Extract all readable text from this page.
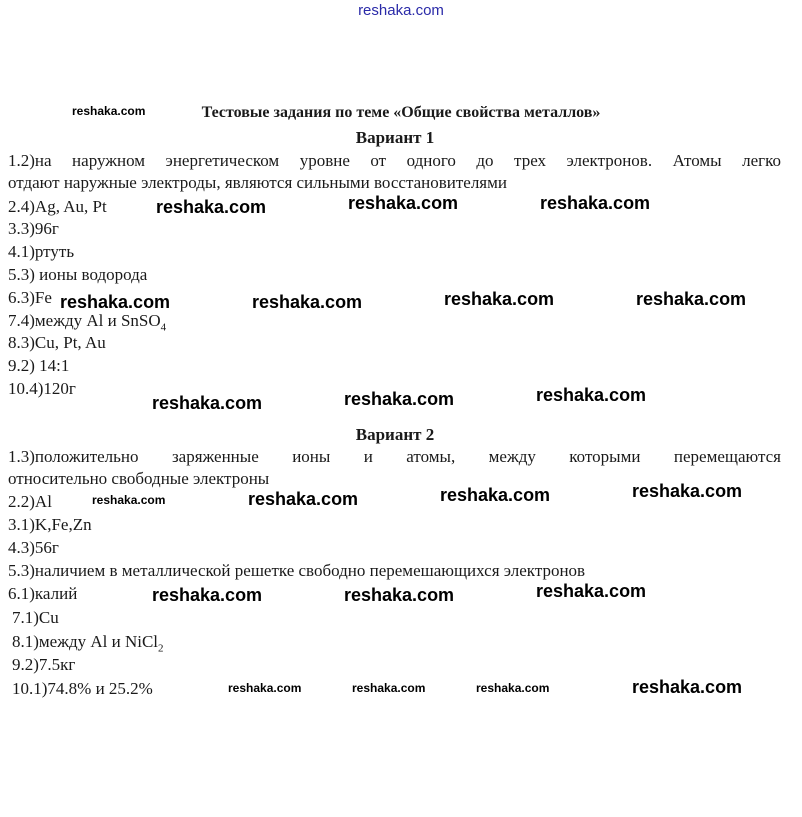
reshaka.com
reshaka.com	Тестовые задания по теме «Общие свойства металлов»
Вариант 1
1.2)на наружном энергетическом уровне от одного до трех электронов. Атомы легко
отдают наружные электроды, являются сильными восстановителями
2.4)Ag, Au, Pt
3.3)96г
4.1)ртуть
5.3) ионы водорода
6.3)Fe
7.4)между Al и SnSO$_4$
8.3)Cu, Pt, Au
9.2) 14:1
10.4)120г
Вариант 2
1.3)положительно заряженные ионы и атомы, между которыми перемещаются
относительно свободные электроны
2.2)Al
3.1)K,Fe,Zn
4.3)56г
5.3)наличием в металлической решетке свободно перемешающихся электронов
6.1)калий
7.1)Cu
8.1)между Al и NiCl$_2$
9.2)7.5кг
10.1)74.8% и 25.2%
reshaka.com	reshaka.com	reshaka.com
reshaka.com	reshaka.com	reshaka.com	reshaka.com
reshaka.com	reshaka.com	reshaka.com
reshaka.com	reshaka.com	reshaka.com	reshaka.com
reshaka.com	reshaka.com	reshaka.com
reshaka.com	reshaka.com	reshaka.com	reshaka.com
